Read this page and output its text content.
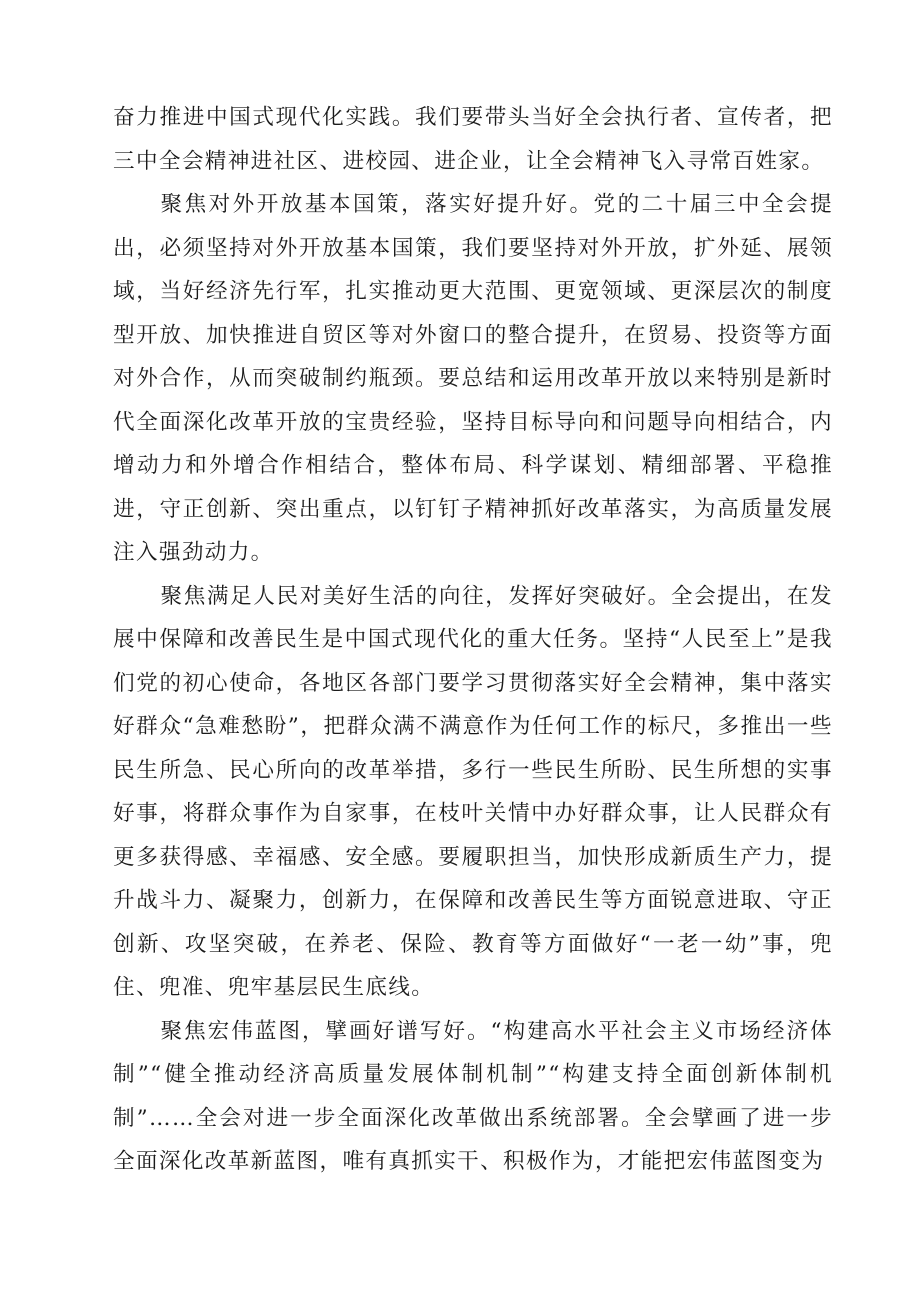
奋力推进中国式现代化实践。我们要带头当好全会执行者、宣传者，把三中全会精神进社区、进校园、进企业，让全会精神飞入寻常百姓家。

聚焦对外开放基本国策，落实好提升好。党的二十届三中全会提出，必须坚持对外开放基本国策，我们要坚持对外开放，扩外延、展领域，当好经济先行军，扎实推动更大范围、更宽领域、更深层次的制度型开放、加快推进自贸区等对外窗口的整合提升，在贸易、投资等方面对外合作，从而突破制约瓶颈。要总结和运用改革开放以来特别是新时代全面深化改革开放的宝贵经验，坚持目标导向和问题导向相结合，内增动力和外增合作相结合，整体布局、科学谋划、精细部署、平稳推进，守正创新、突出重点，以钉钉子精神抓好改革落实，为高质量发展注入强劲动力。

聚焦满足人民对美好生活的向往，发挥好突破好。全会提出，在发展中保障和改善民生是中国式现代化的重大任务。坚持“人民至上”是我们党的初心使命，各地区各部门要学习贯彻落实好全会精神，集中落实好群众“急难愁盼”，把群众满不满意作为任何工作的标尺，多推出一些民生所急、民心所向的改革举措，多行一些民生所盼、民生所想的实事好事，将群众事作为自家事，在枝叶关情中办好群众事，让人民群众有更多获得感、幸福感、安全感。要履职担当，加快形成新质生产力，提升战斗力、凝聚力，创新力，在保障和改善民生等方面锐意进取、守正创新、攻坚突破，在养老、保险、教育等方面做好“一老一幼”事，兜住、兜准、兜牢基层民生底线。

聚焦宏伟蓝图，擘画好谱写好。“构建高水平社会主义市场经济体制”“健全推动经济高质量发展体制机制”“构建支持全面创新体制机制”……全会对进一步全面深化改革做出系统部署。全会擘画了进一步全面深化改革新蓝图，唯有真抓实干、积极作为，才能把宏伟蓝图变为
